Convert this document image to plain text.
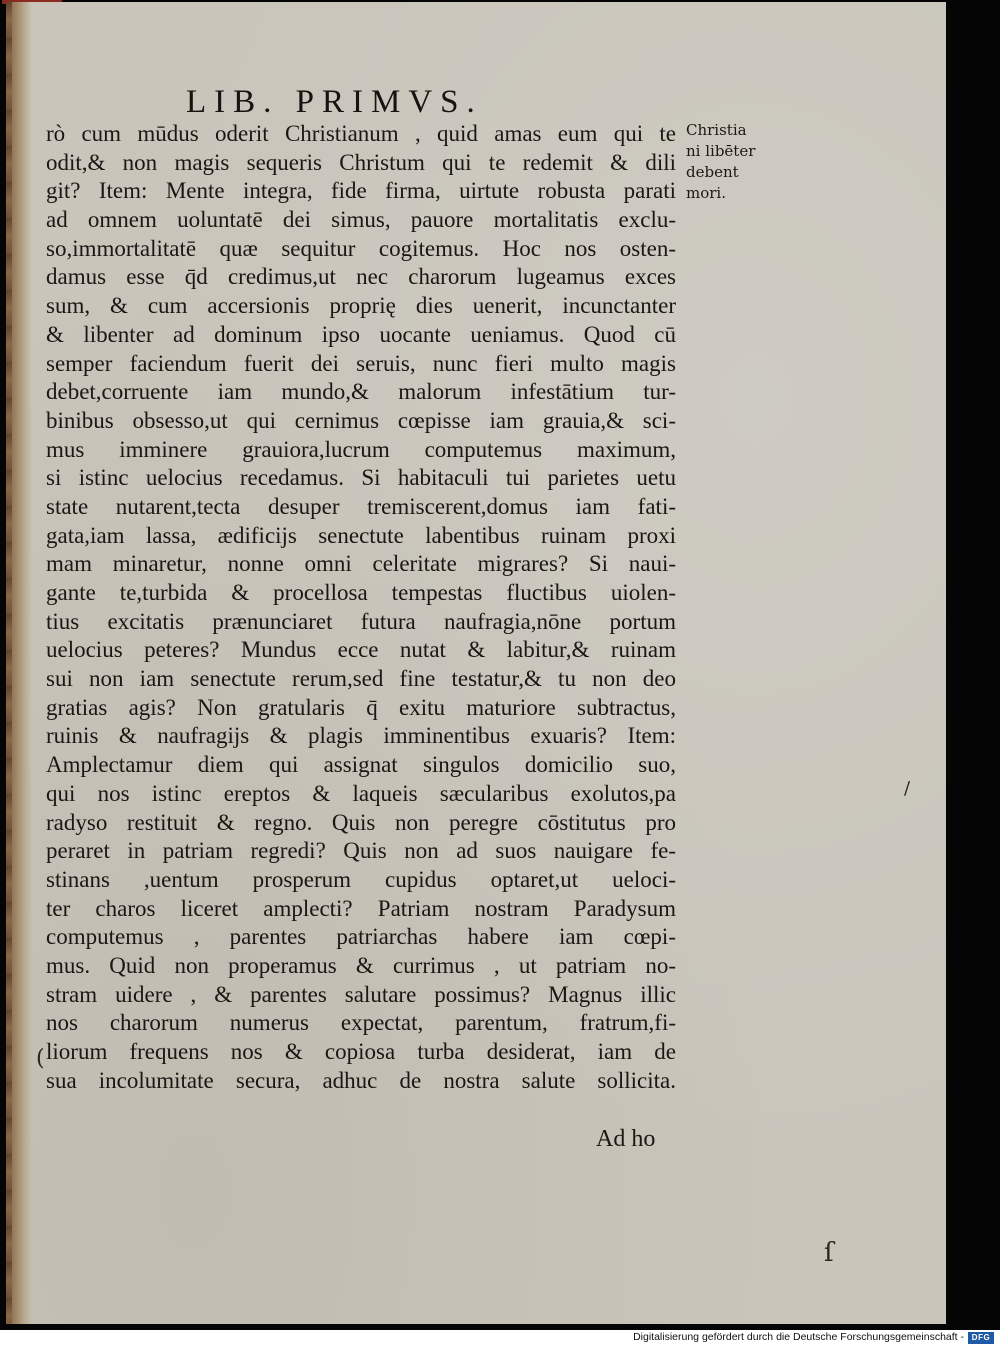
LIB. PRIMVS.
rò cum mūdus oderit Christianum , quid amas eum qui te
odit,& non magis sequeris Christum qui te redemit & dili
git? Item: Mente integra, fide firma, uirtute robusta parati
ad omnem uoluntatē dei simus, pauore mortalitatis exclu-
so,immortalitatē quæ sequitur cogitemus. Hoc nos osten-
damus esse q̄d credimus,ut nec charorum lugeamus exces
sum, & cum accersionis proprię dies uenerit, incunctanter
& libenter ad dominum ipso uocante ueniamus. Quod cū
semper faciendum fuerit dei seruis, nunc fieri multo magis
debet,corruente iam mundo,& malorum infestātium tur-
binibus obsesso,ut qui cernimus cœpisse iam grauia,& sci-
mus imminere grauiora,lucrum computemus maximum,
si istinc uelocius recedamus. Si habitaculi tui parietes uetu
state nutarent,tecta desuper tremiscerent,domus iam fati-
gata,iam lassa, ædificijs senectute labentibus ruinam proxi
mam minaretur, nonne omni celeritate migrares? Si naui-
gante te,turbida & procellosa tempestas fluctibus uiolen-
tius excitatis prænunciaret futura naufragia,nōne portum
uelocius peteres? Mundus ecce nutat & labitur,& ruinam
sui non iam senectute rerum,sed fine testatur,& tu non deo
gratias agis? Non gratularis q̄ exitu maturiore subtractus,
ruinis & naufragijs & plagis imminentibus exuaris? Item:
Amplectamur diem qui assignat singulos domicilio suo,
qui nos istinc ereptos & laqueis sæcularibus exolutos,pa
radyso restituit & regno. Quis non peregre cōstitutus pro
peraret in patriam regredi? Quis non ad suos nauigare fe-
stinans ,uentum prosperum cupidus optaret,ut ueloci-
ter charos liceret amplecti? Patriam nostram Paradysum
computemus , parentes patriarchas habere iam cœpi-
mus. Quid non properamus & currimus , ut patriam no-
stram uidere , & parentes salutare possimus? Magnus illic
nos charorum numerus expectat, parentum, fratrum,fi-
liorum frequens nos & copiosa turba desiderat, iam de
sua incolumitate secura, adhuc de nostra salute sollicita.
Christia
ni libēter
debent
mori.
Ad ho
/
(
ſ
Digitalisierung gefördert durch die Deutsche Forschungsgemeinschaft - DFG
